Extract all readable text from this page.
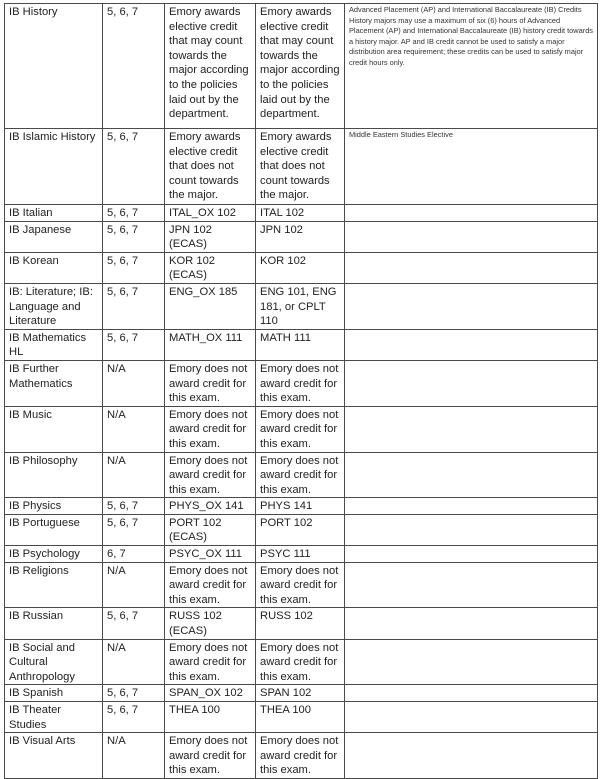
IB History	5, 6, 7	Emory awards elective credit that may count towards the major according to the policies laid out by the department.	Emory awards elective credit that may count towards the major according to the policies laid out by the department.	Advanced Placement (AP) and International Baccalaureate (IB) Credits History majors may use a maximum of six (6) hours of Advanced Placement (AP) and International Baccalaureate (IB) history credit towards a history major. AP and IB credit cannot be used to satisfy a major distribution area requirement; these credits can be used to satisfy major credit hours only.
IB Islamic History	5, 6, 7	Emory awards elective credit that does not count towards the major.	Emory awards elective credit that does not count towards the major.	Middle Eastern Studies Elective
IB Italian	5, 6, 7	ITAL_OX 102	ITAL 102	
IB Japanese	5, 6, 7	JPN 102 (ECAS)	JPN 102	
IB Korean	5, 6, 7	KOR 102 (ECAS)	KOR 102	
IB: Literature; IB: Language and Literature	5, 6, 7	ENG_OX 185	ENG 101, ENG 181, or CPLT 110	
IB Mathematics HL	5, 6, 7	MATH_OX 111	MATH 111	
IB Further Mathematics	N/A	Emory does not award credit for this exam.	Emory does not award credit for this exam.	
IB Music	N/A	Emory does not award credit for this exam.	Emory does not award credit for this exam.	
IB Philosophy	N/A	Emory does not award credit for this exam.	Emory does not award credit for this exam.	
IB Physics	5, 6, 7	PHYS_OX 141	PHYS 141	
IB Portuguese	5, 6, 7	PORT 102 (ECAS)	PORT 102	
IB Psychology	6, 7	PSYC_OX 111	PSYC 111	
IB Religions	N/A	Emory does not award credit for this exam.	Emory does not award credit for this exam.	
IB Russian	5, 6, 7	RUSS 102 (ECAS)	RUSS 102	
IB Social and Cultural Anthropology	N/A	Emory does not award credit for this exam.	Emory does not award credit for this exam.	
IB Spanish	5, 6, 7	SPAN_OX 102	SPAN 102	
IB Theater Studies	5, 6, 7	THEA 100	THEA 100	
IB Visual Arts	N/A	Emory does not award credit for this exam.	Emory does not award credit for this exam.	
